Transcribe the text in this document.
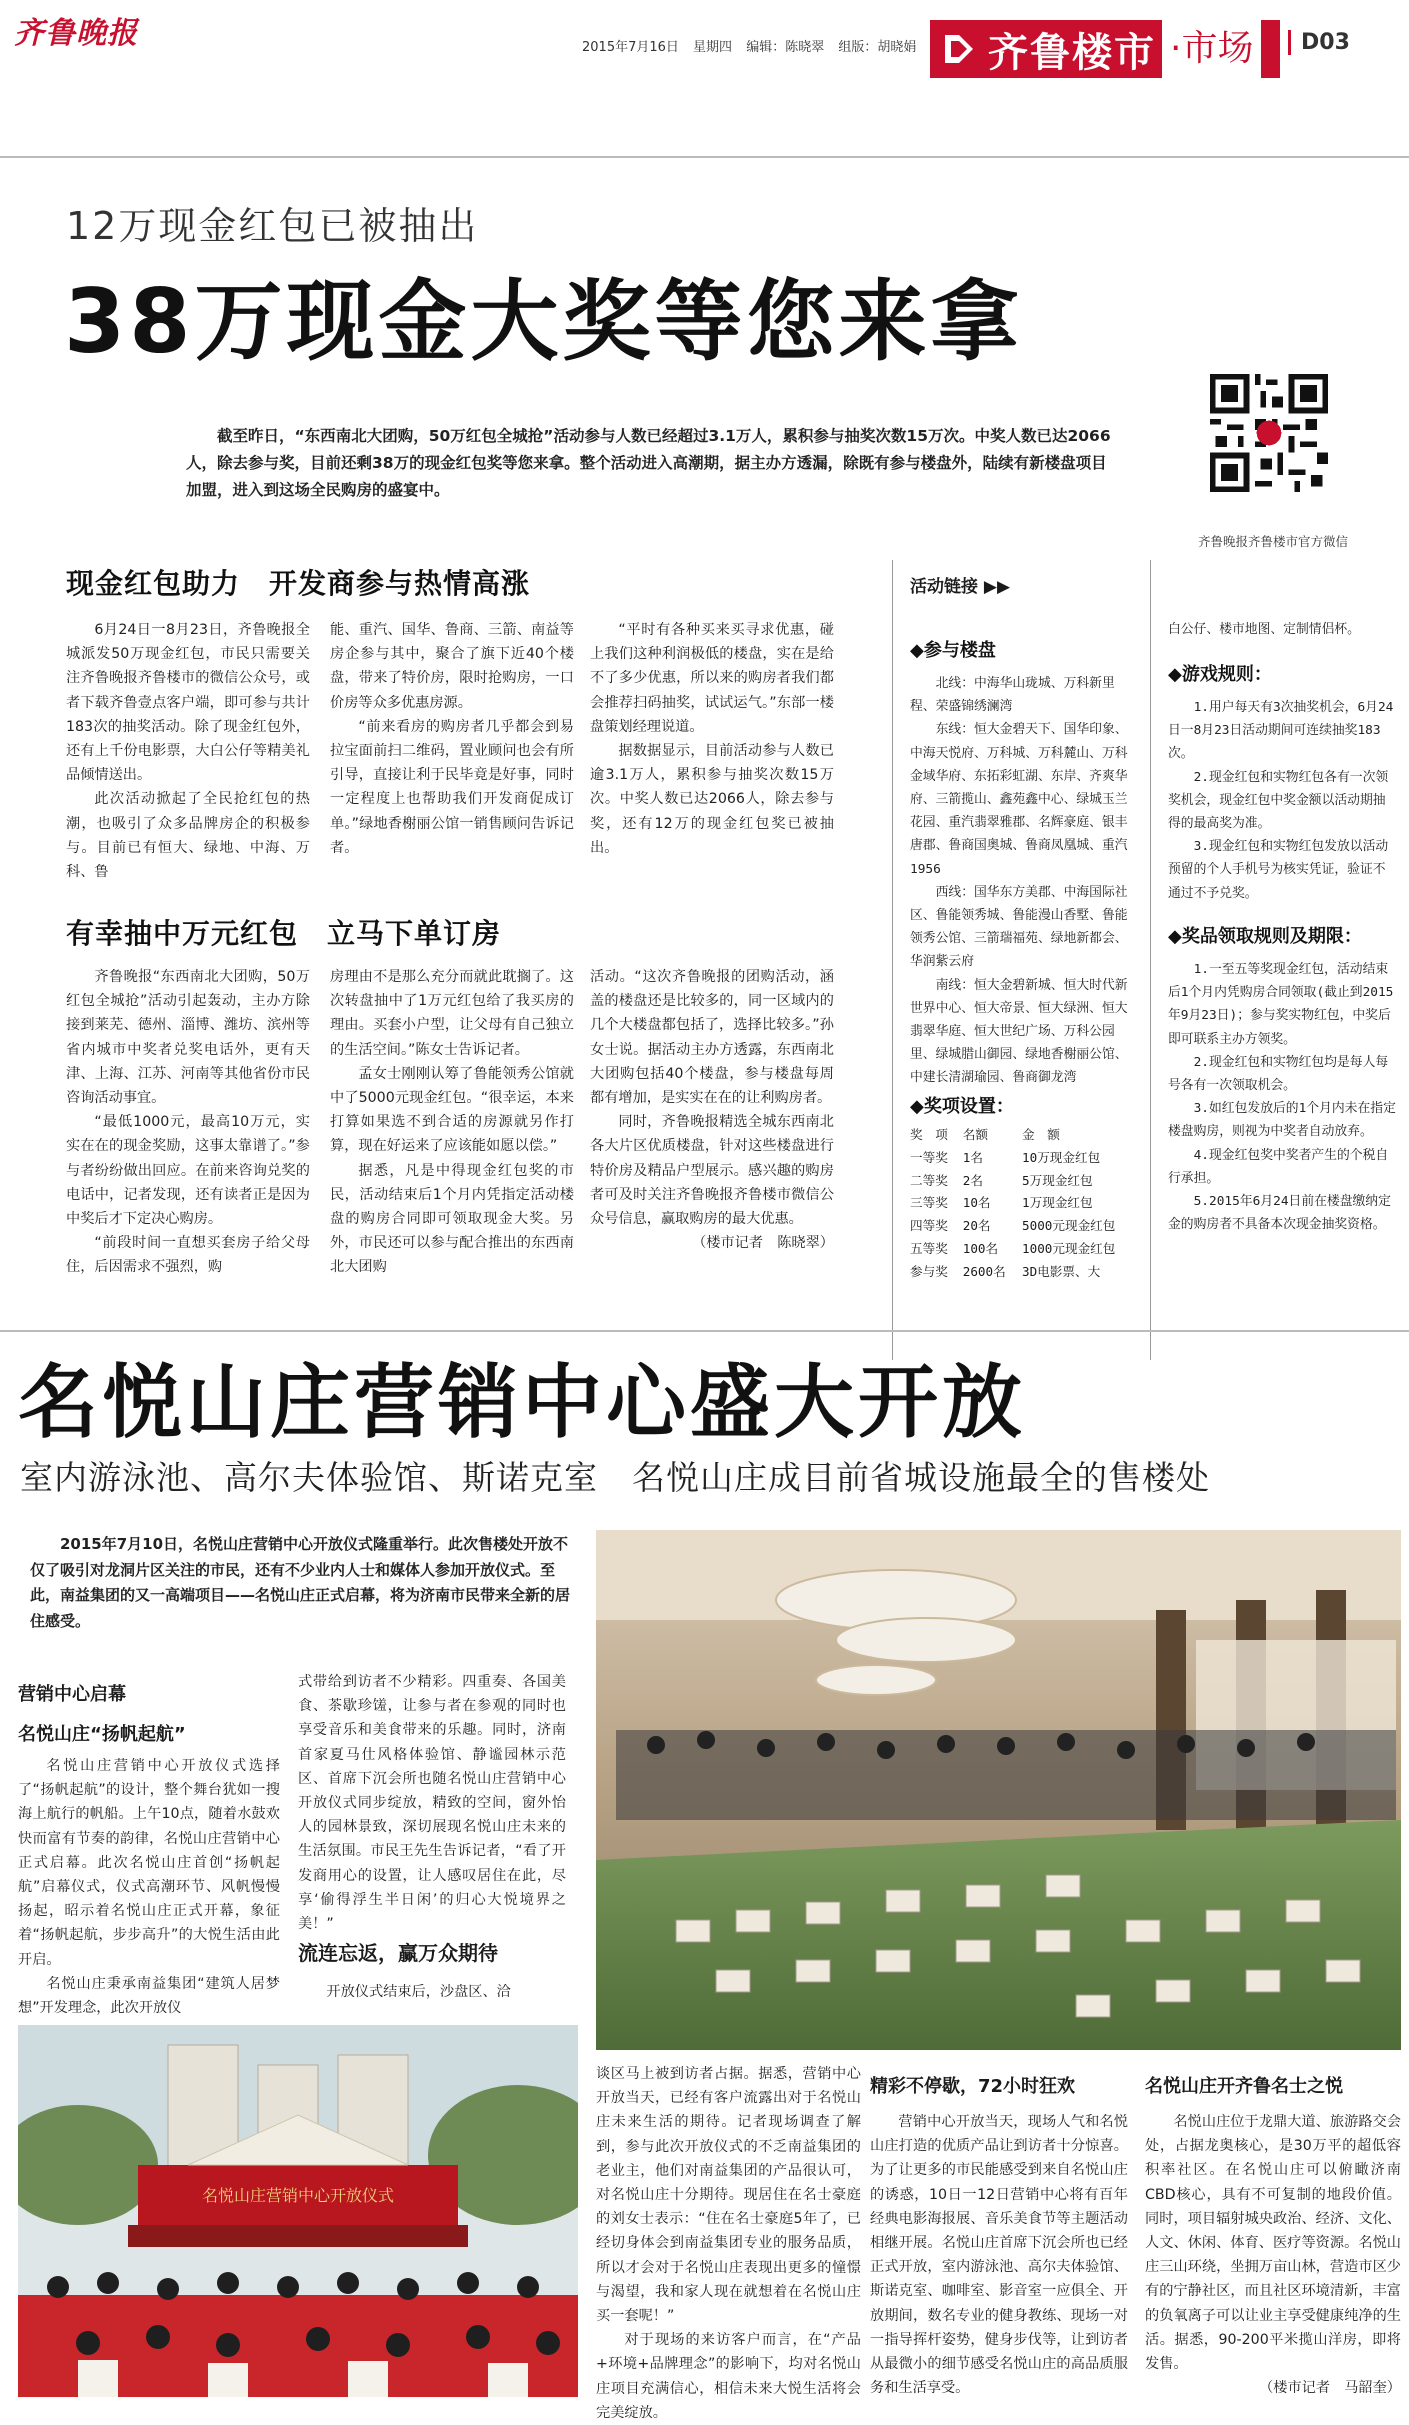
齐鲁晚报	2015年7月16日 星期四 编辑：陈晓翠 组版：胡晓娟 齐鲁楼市 ·市场	D03
12万现金红包已被抽出
38万现金大奖等您来拿
截至昨日，“东西南北大团购，50万红包全城抢”活动参与人数已经超过3.1万人，累积参与抽奖次数15万次。中奖人数已达2066人，除去参与奖，目前还剩38万的现金红包奖等您来拿。整个活动进入高潮期，据主办方透漏，除既有参与楼盘外，陆续有新楼盘项目加盟，进入到这场全民购房的盛宴中。
齐鲁晚报齐鲁楼市官方微信
现金红包助力　开发商参与热情高涨

6月24日一8月23日，齐鲁晚报全城派发50万现金红包，市民只需要关注齐鲁晚报齐鲁楼市的微信公众号，或者下载齐鲁壹点客户端，即可参与共计183次的抽奖活动。除了现金红包外，还有上千份电影票，大白公仔等精美礼品倾情送出。

此次活动掀起了全民抢红包的热潮，也吸引了众多品牌房企的积极参与。目前已有恒大、绿地、中海、万科、鲁

能、重汽、国华、鲁商、三箭、南益等房企参与其中，聚合了旗下近40个楼盘，带来了特价房，限时抢购房，一口价房等众多优惠房源。

“前来看房的购房者几乎都会到易拉宝面前扫二维码，置业顾问也会有所引导，直接让利于民毕竟是好事，同时一定程度上也帮助我们开发商促成订单。”绿地香榭丽公馆一销售顾问告诉记者。

“平时有各种买来买寻求优惠，碰上我们这种利润极低的楼盘，实在是给不了多少优惠，所以来的购房者我们都会推荐扫码抽奖，试试运气。”东部一楼盘策划经理说道。

据数据显示，目前活动参与人数已逾3.1万人，累积参与抽奖次数15万次。中奖人数已达2066人，除去参与奖，还有12万的现金红包奖已被抽出。

有幸抽中万元红包　立马下单订房

齐鲁晚报“东西南北大团购，50万红包全城抢”活动引起轰动，主办方除接到莱芜、德州、淄博、潍坊、滨州等省内城市中奖者兑奖电话外，更有天津、上海、江苏、河南等其他省份市民咨询活动事宜。

“最低1000元，最高10万元，实实在在的现金奖励，这事太靠谱了。”参与者纷纷做出回应。在前来咨询兑奖的电话中，记者发现，还有读者正是因为中奖后才下定决心购房。

“前段时间一直想买套房子给父母住，后因需求不强烈，购

房理由不是那么充分而就此耽搁了。这次转盘抽中了1万元红包给了我买房的理由。买套小户型，让父母有自己独立的生活空间。”陈女士告诉记者。

孟女士刚刚认筹了鲁能领秀公馆就中了5000元现金红包。“很幸运，本来打算如果选不到合适的房源就另作打算，现在好运来了应该能如愿以偿。”

据悉，凡是中得现金红包奖的市民，活动结束后1个月内凭指定活动楼盘的购房合同即可领取现金大奖。另外，市民还可以参与配合推出的东西南北大团购

活动。“这次齐鲁晚报的团购活动，涵盖的楼盘还是比较多的，同一区域内的几个大楼盘都包括了，选择比较多。”孙女士说。据活动主办方透露，东西南北大团购包括40个楼盘，参与楼盘每周都有增加，是实实在在的让利购房者。

同时，齐鲁晚报精选全城东西南北各大片区优质楼盘，针对这些楼盘进行特价房及精品户型展示。感兴趣的购房者可及时关注齐鲁晚报齐鲁楼市微信公众号信息，赢取购房的最大优惠。

（楼市记者　陈晓翠）

活动链接 ▶▶
◆参与楼盘

北线：中海华山珑城、万科新里程、荣盛锦绣澜湾

东线：恒大金碧天下、国华印象、中海天悦府、万科城、万科麓山、万科金域华府、东拓彩虹湖、东岸、齐爽华府、三箭揽山、鑫苑鑫中心、绿城玉兰花园、重汽翡翠雅郡、名辉豪庭、银丰唐郡、鲁商国奥城、鲁商凤凰城、重汽1956

西线：国华东方美郡、中海国际社区、鲁能领秀城、鲁能漫山香墅、鲁能领秀公馆、三箭瑞福苑、绿地新都会、华润紫云府

南线：恒大金碧新城、恒大时代新世界中心、恒大帝景、恒大绿洲、恒大翡翠华庭、恒大世纪广场、万科公园里、绿城腊山御园、绿地香榭丽公馆、中建长清湖瑜园、鲁商御龙湾

◆奖项设置：
奖　项	名额	金　额
一等奖	1名	10万现金红包
二等奖	2名	5万现金红包
三等奖	10名	1万现金红包
四等奖	20名	5000元现金红包
五等奖	100名	1000元现金红包
参与奖	2600名	3D电影票、大
白公仔、楼市地图、定制情侣杯。
◆游戏规则：

1.用户每天有3次抽奖机会，6月24日一8月23日活动期间可连续抽奖183次。

2.现金红包和实物红包各有一次领奖机会，现金红包中奖金额以活动期抽得的最高奖为准。

3.现金红包和实物红包发放以活动预留的个人手机号为核实凭证，验证不通过不予兑奖。

◆奖品领取规则及期限：

1.一至五等奖现金红包，活动结束后1个月内凭购房合同领取(截止到2015年9月23日)；参与奖实物红包，中奖后即可联系主办方领奖。

2.现金红包和实物红包均是每人每号各有一次领取机会。

3.如红包发放后的1个月内未在指定楼盘购房，则视为中奖者自动放弃。

4.现金红包奖中奖者产生的个税自行承担。

5.2015年6月24日前在楼盘缴纳定金的购房者不具备本次现金抽奖资格。

名悦山庄营销中心盛大开放
室内游泳池、高尔夫体验馆、斯诺克室　名悦山庄成目前省城设施最全的售楼处

2015年7月10日，名悦山庄营销中心开放仪式隆重举行。此次售楼处开放不仅了吸引对龙洞片区关注的市民，还有不少业内人士和媒体人参加开放仪式。至此，南益集团的又一高端项目——名悦山庄正式启幕，将为济南市民带来全新的居住感受。

营销中心启幕
名悦山庄“扬帆起航”

名悦山庄营销中心开放仪式选择了“扬帆起航”的设计，整个舞台犹如一搜海上航行的帆船。上午10点，随着水鼓欢快而富有节奏的韵律，名悦山庄营销中心正式启幕。此次名悦山庄首创“扬帆起航”启幕仪式，仪式高潮环节、风帆慢慢扬起，昭示着名悦山庄正式开幕，象征着“扬帆起航，步步高升”的大悦生活由此开启。

名悦山庄秉承南益集团“建筑人居梦想”开发理念，此次开放仪

式带给到访者不少精彩。四重奏、各国美食、茶歇珍馐，让参与者在参观的同时也享受音乐和美食带来的乐趣。同时，济南首家夏马仕风格体验馆、静谧园林示范区、首席下沉会所也随名悦山庄营销中心开放仪式同步绽放，精致的空间，窗外怡人的园林景致，深切展现名悦山庄未来的生活氛围。市民王先生告诉记者，“看了开发商用心的设置，让人感叹居住在此，尽享‘偷得浮生半日闲’的归心大悦境界之美！”

流连忘返，赢万众期待

开放仪式结束后，沙盘区、洽

名悦山庄营销中心开放仪式

谈区马上被到访者占据。据悉，营销中心开放当天，已经有客户流露出对于名悦山庄未来生活的期待。记者现场调查了解到，参与此次开放仪式的不乏南益集团的老业主，他们对南益集团的产品很认可，对名悦山庄十分期待。现居住在名士豪庭的刘女士表示：“住在名士豪庭5年了，已经切身体会到南益集团专业的服务品质，所以才会对于名悦山庄表现出更多的憧憬与渴望，我和家人现在就想着在名悦山庄买一套呢！”

对于现场的来访客户而言，在“产品+环境+品牌理念”的影响下，均对名悦山庄项目充满信心，相信未来大悦生活将会完美绽放。

精彩不停歇，72小时狂欢

营销中心开放当天，现场人气和名悦山庄打造的优质产品让到访者十分惊喜。为了让更多的市民能感受到来自名悦山庄的诱惑，10日一12日营销中心将有百年经典电影海报展、音乐美食节等主题活动相继开展。名悦山庄首席下沉会所也已经正式开放，室内游泳池、高尔夫体验馆、斯诺克室、咖啡室、影音室一应俱全、开放期间，数名专业的健身教练、现场一对一指导挥杆姿势，健身步伐等，让到访者从最微小的细节感受名悦山庄的高品质服务和生活享受。

名悦山庄开齐鲁名士之悦

名悦山庄位于龙鼎大道、旅游路交会处，占据龙奥核心，是30万平的超低容积率社区。在名悦山庄可以俯瞰济南CBD核心，具有不可复制的地段价值。同时，项目辐射城央政治、经济、文化、人文、休闲、体育、医疗等资源。名悦山庄三山环绕，坐拥万亩山林，营造市区少有的宁静社区，而且社区环境清新，丰富的负氧离子可以让业主享受健康纯净的生活。据悉，90-200平米揽山洋房，即将发售。

（楼市记者　马韶奎）
